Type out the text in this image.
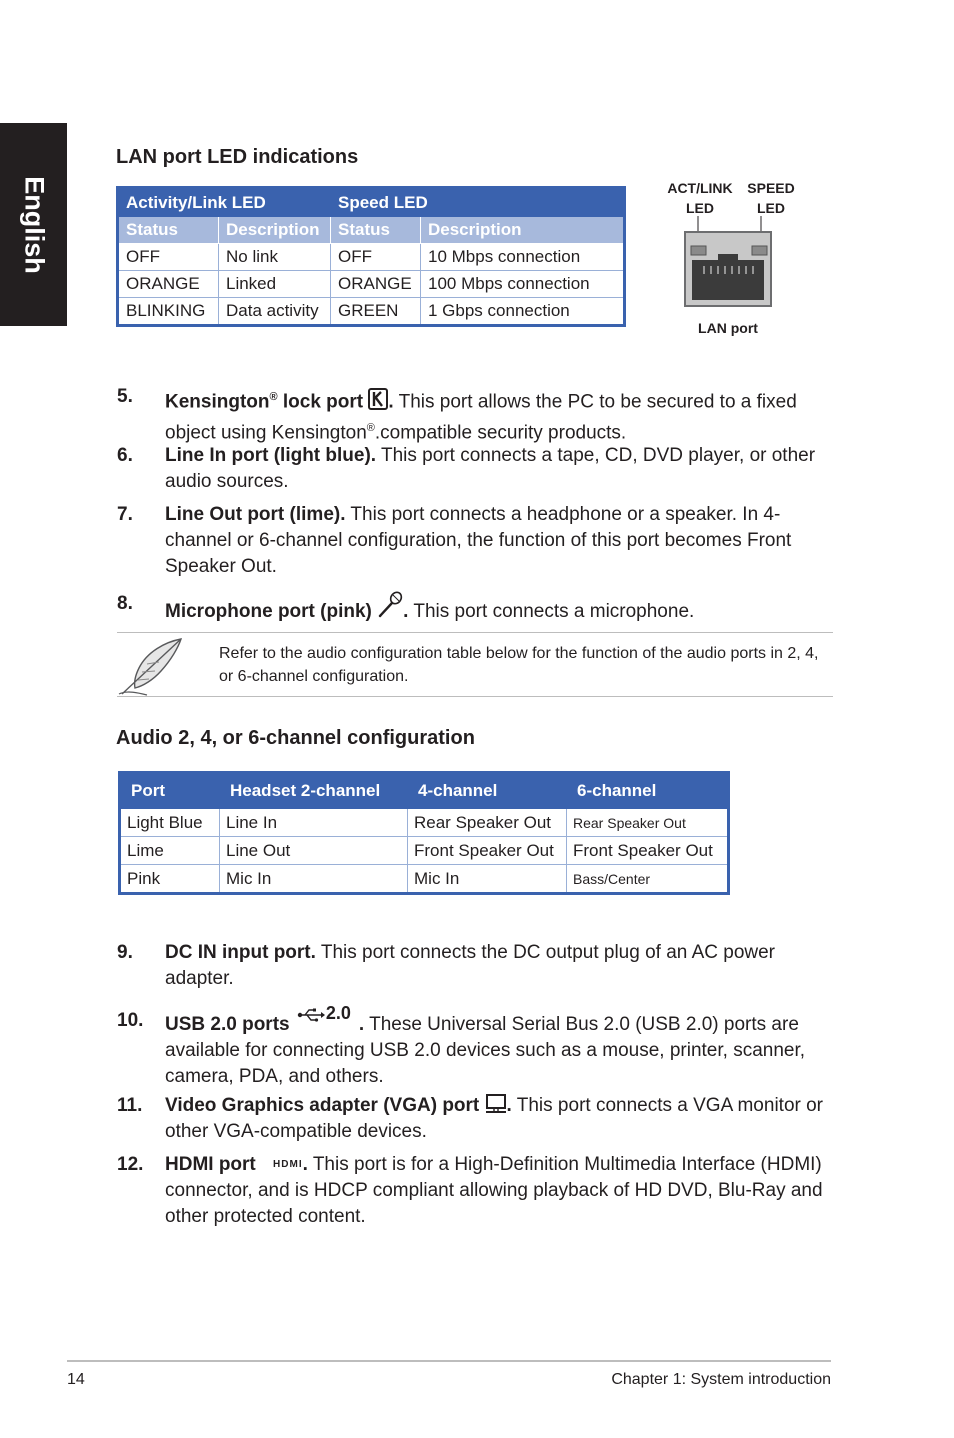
English
LAN port LED indications
Activity/Link LED		Speed LED	
Status	Description	Status	Description
OFF	No link	OFF	10 Mbps connection
ORANGE	Linked	ORANGE	100 Mbps connection
BLINKING	Data activity	GREEN	1 Gbps connection
ACT/LINK
LED
SPEED
LED
LAN port
5. Kensington® lock port . This port allows the PC to be secured to a fixed object using Kensington®.compatible security products.
6. Line In port (light blue). This port connects a tape, CD, DVD player, or other audio sources.
7. Line Out port (lime). This port connects a headphone or a speaker. In 4-channel or 6-channel configuration, the function of this port becomes Front Speaker Out.
8. Microphone port (pink) . This port connects a microphone.
Refer to the audio configuration table below for the function of the audio ports in 2, 4, or 6-channel configuration.
Audio 2, 4, or 6-channel configuration
Port	Headset 2-channel	4-channel	6-channel
Light Blue	Line In	Rear Speaker Out	Rear Speaker Out
Lime	Line Out	Front Speaker Out	Front Speaker Out
Pink	Mic In	Mic In	Bass/Center
9. DC IN input port. This port connects the DC output plug of an AC power adapter.
10. USB 2.0 ports
2.0
. These Universal Serial Bus 2.0 (USB 2.0) ports are available for connecting USB 2.0 devices such as a mouse, printer, scanner, camera, PDA, and others.
11. Video Graphics adapter (VGA) port . This port connects a VGA monitor or other VGA-compatible devices.
12. HDMI port HDMI. This port is for a High-Definition Multimedia Interface (HDMI) connector, and is HDCP compliant allowing playback of HD DVD, Blu-Ray and other protected content.
14	Chapter 1: System introduction
